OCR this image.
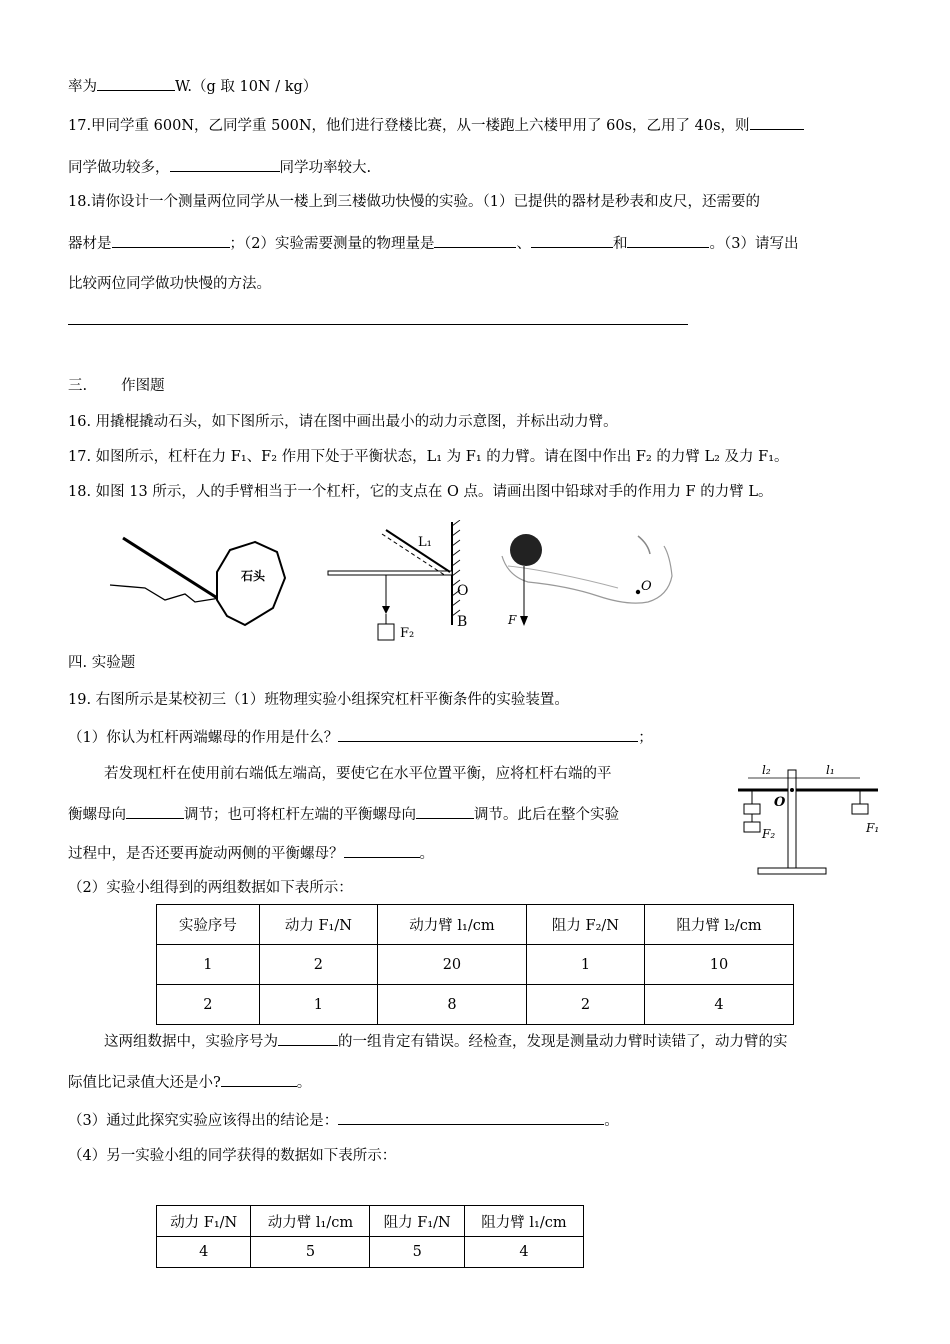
率为	W.（g 取 10N / kg）
17.甲同学重 600N，乙同学重 500N，他们进行登楼比赛，从一楼跑上六楼甲用了 60s，乙用了 40s，则
同学做功较多，	同学功率较大.
18.请你设计一个测量两位同学从一楼上到三楼做功快慢的实验。（1）已提供的器材是秒表和皮尺，还需要的
器材是	；（2）实验需要测量的物理量是	、	和	。（3）请写出
比较两位同学做功快慢的方法。
三. 作图题
16. 用撬棍撬动石头，如下图所示，请在图中画出最小的动力示意图，并标出动力臂。
17. 如图所示，杠杆在力 F₁、F₂ 作用下处于平衡状态，L₁ 为 F₁ 的力臂。请在图中作出 F₂ 的力臂 L₂ 及力 F₁。
18. 如图 13 所示，人的手臂相当于一个杠杆，它的支点在 O 点。请画出图中铅球对手的作用力 F 的力臂 L。
石头
L₁
F₂
O
B	F
O
四. 实验题
19. 右图所示是某校初三（1）班物理实验小组探究杠杆平衡条件的实验装置。
（1）你认为杠杆两端螺母的作用是什么？	；
若发现杠杆在使用前右端低左端高，要使它在水平位置平衡，应将杠杆右端的平
衡螺母向	调节；也可将杠杆左端的平衡螺母向	调节。此后在整个实验
过程中，是否还要再旋动两侧的平衡螺母？	。
l₂	l₁
O
F₂	F₁
（2）实验小组得到的两组数据如下表所示：
实验序号	动力 F₁/N	动力臂 l₁/cm	阻力 F₂/N	阻力臂 l₂/cm
1	2	20	1	10
2	1	8	2	4
这两组数据中，实验序号为	的一组肯定有错误。经检查，发现是测量动力臂时读错了，动力臂的实
际值比记录值大还是小?	。
（3）通过此探究实验应该得出的结论是：	。
（4）另一实验小组的同学获得的数据如下表所示：
动力 F₁/N	动力臂 l₁/cm	阻力 F₁/N	阻力臂 l₁/cm
4	5	5	4
